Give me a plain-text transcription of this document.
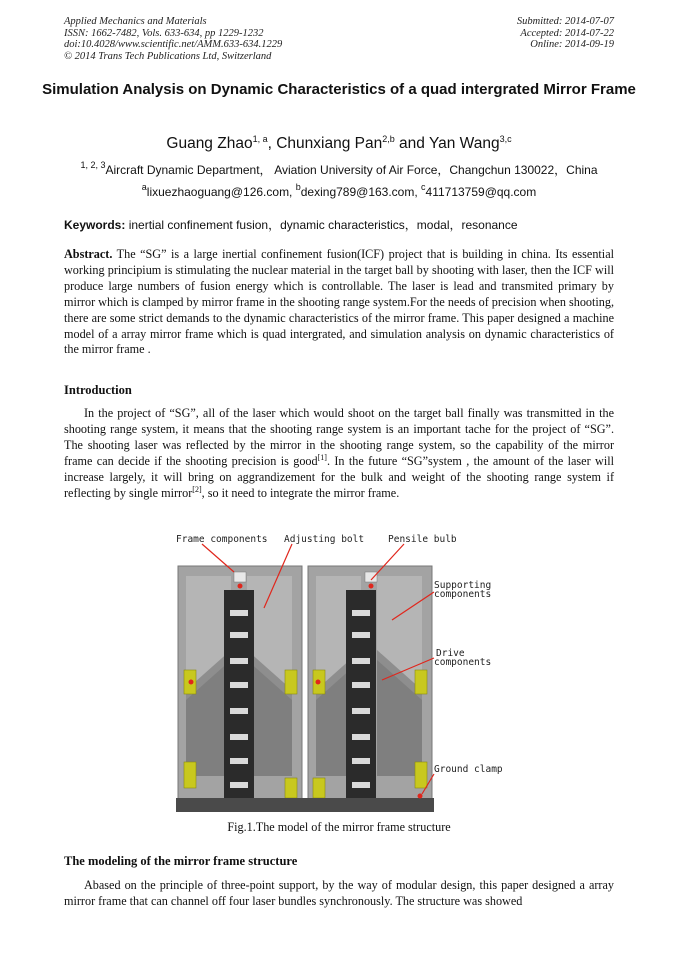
Applied Mechanics and Materials
ISSN: 1662-7482, Vols. 633-634, pp 1229-1232
doi:10.4028/www.scientific.net/AMM.633-634.1229
© 2014 Trans Tech Publications Ltd, Switzerland
Submitted: 2014-07-07
Accepted: 2014-07-22
Online: 2014-09-19
Simulation Analysis on Dynamic Characteristics of a quad intergrated Mirror Frame
Guang Zhao$^{1, a}$, Chunxiang Pan$^{2,b}$ and Yan Wang$^{3,c}$
$^{1, 2, 3}$Aircraft Dynamic Department， Aviation University of Air Force，Changchun 130022，China
$^a$lixuezhaoguang@126.com, $^b$dexing789@163.com, $^c$411713759@qq.com
Keywords: inertial confinement fusion，dynamic characteristics，modal，resonance
Abstract. The “SG” is a large inertial confinement fusion(ICF) project that is building in china. Its essential working principium is stimulating the nuclear material in the target ball by shooting with laser, then the ICF will produce large numbers of fusion energy which is controllable. The laser is lead and transmited primary by mirror which is clamped by mirror frame in the shooting range system.For the needs of precision when shooting, there are some strict demands to the dynamic characteristics of the mirror frame. This paper designed a machine model of a array mirror frame which is quad intergrated, and simulation analysis on dynamic characteristics of the mirror frame .
Introduction
In the project of “SG”, all of the laser which would shoot on the target ball finally was transmitted in the shooting range system, it means that the shooting range system is an important tache for the project of “SG”. The shooting laser was reflected by the mirror in the shooting range system, so the capability of the mirror frame can decide if the shooting precision is good[1]. In the future “SG”system , the amount of the laser will increase largely, it will bring on aggrandizement for the bulk and weight of the shooting range system if reflecting by single mirror[2], so it need to integrate the mirror frame.
Frame components Adjusting bolt	Pensile bulb
Supporting
components
Drive
components
Ground clamp
Fig.1.The model of the mirror frame structure
The modeling of the mirror frame structure
Abased on the principle of three-point support, by the way of modular design, this paper designed a array mirror frame that can channel off four laser bundles synchronously. The structure was showed
